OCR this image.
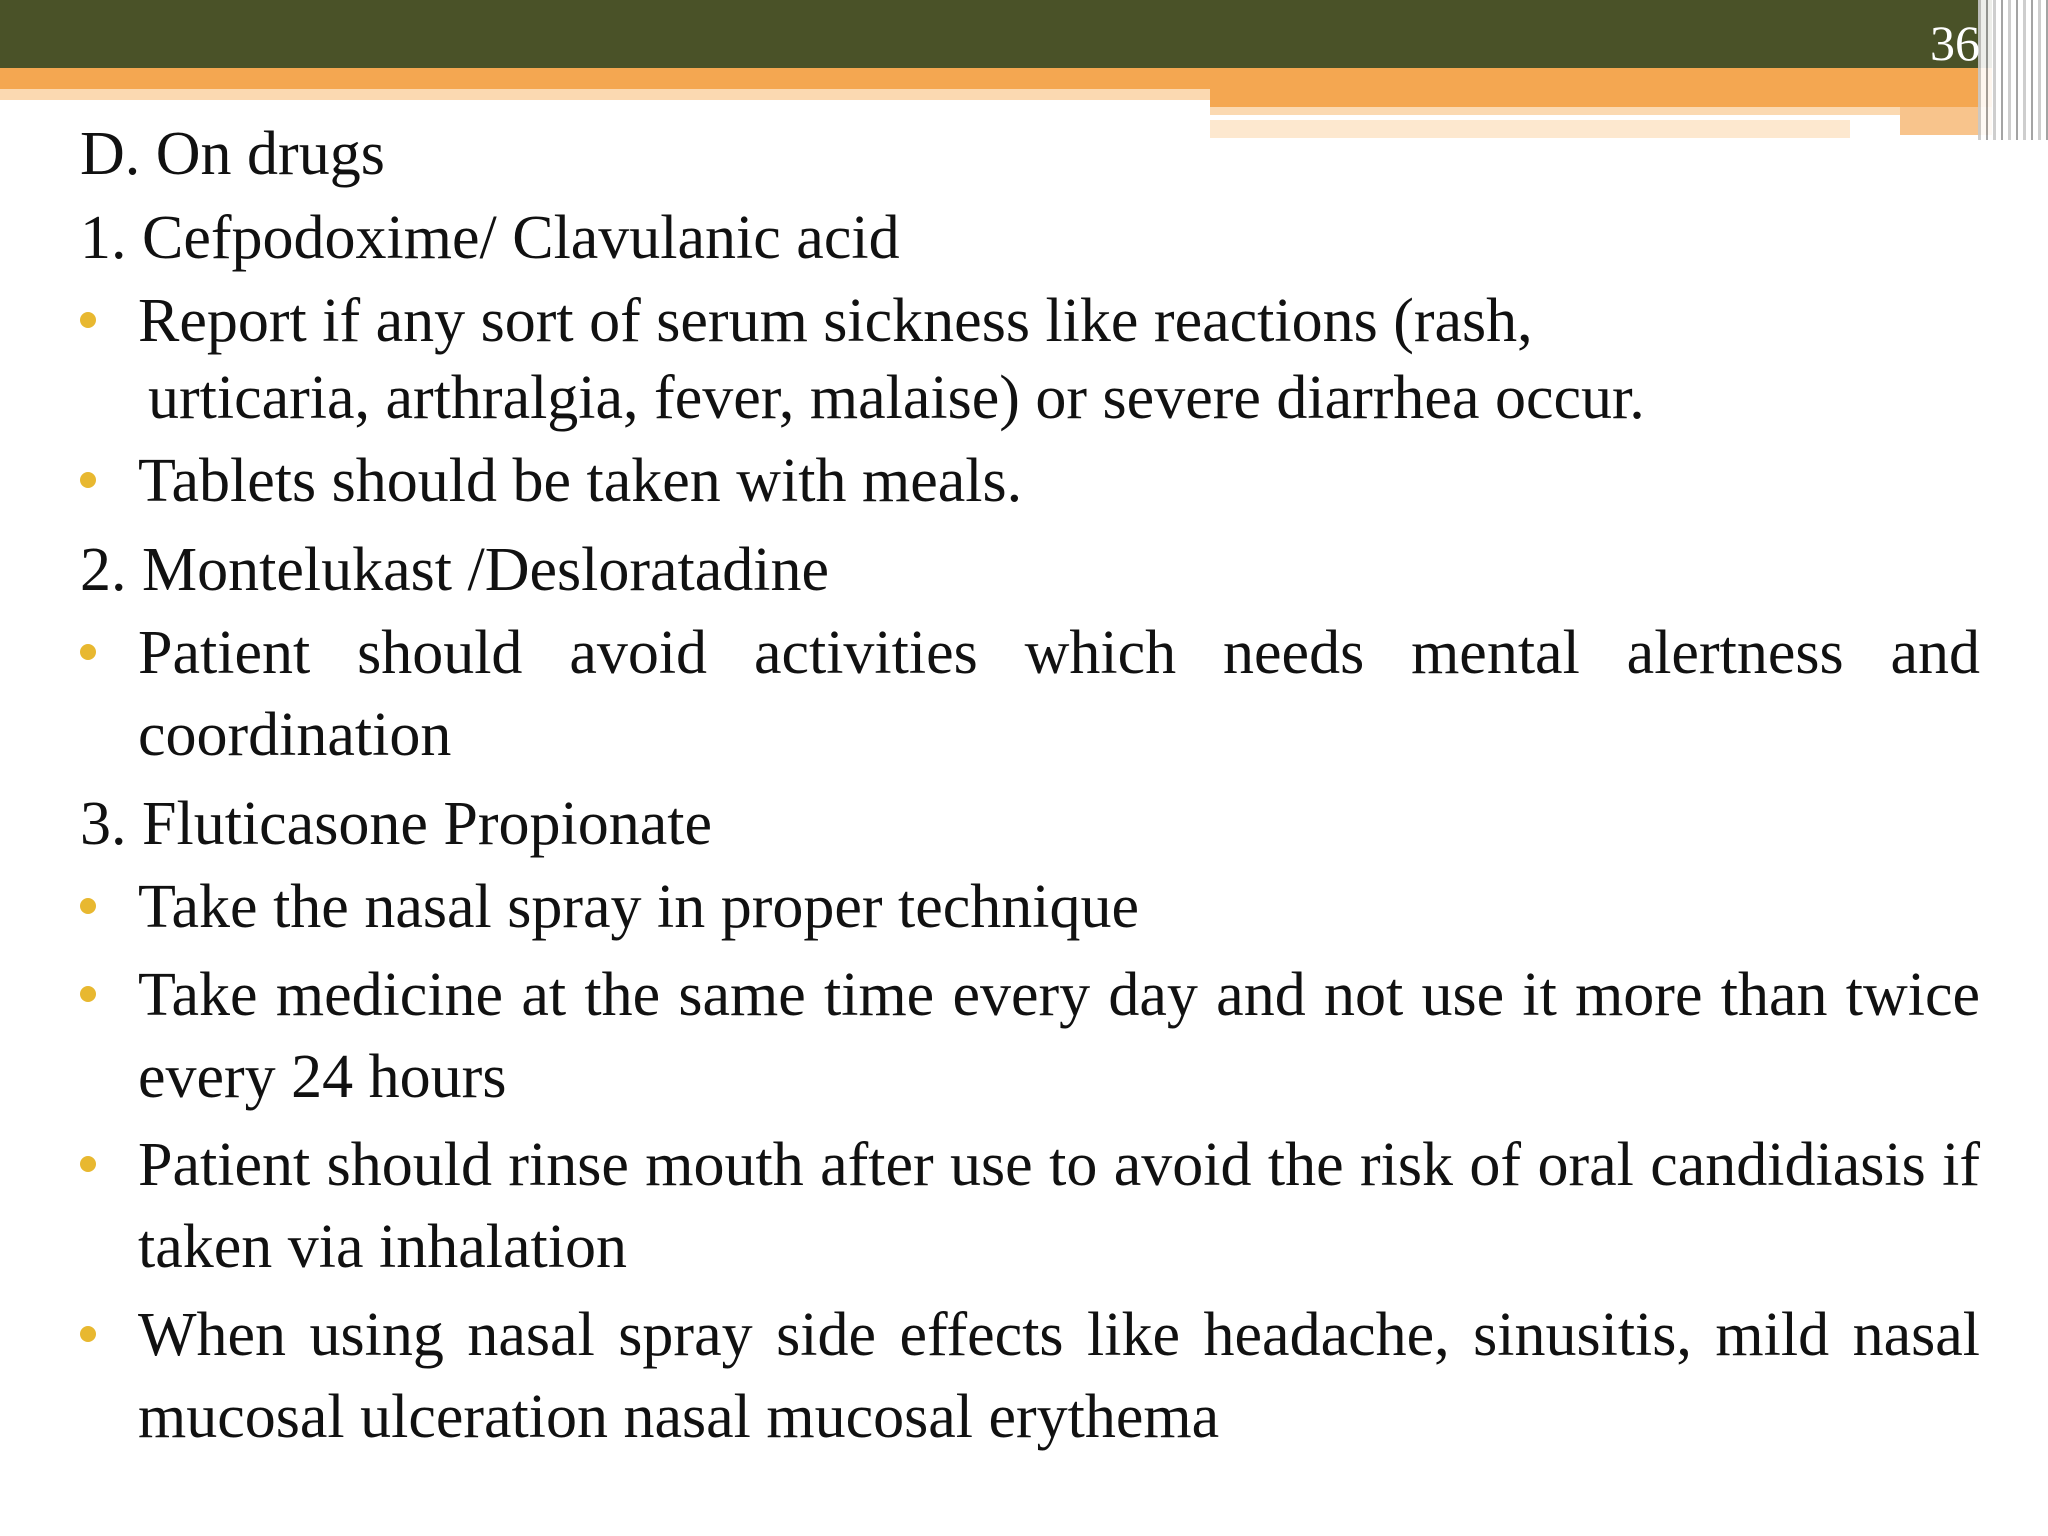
36

D. On drugs

1. Cefpodoxime/ Clavulanic acid

Report if any sort of serum sickness like reactions (rash,

urticaria, arthralgia, fever, malaise) or severe diarrhea occur.

Tablets should be taken with meals.

2. Montelukast /Desloratadine

Patient should avoid activities which needs mental alertness and coordination

3. Fluticasone Propionate

Take the nasal spray in proper technique
Take medicine at the same time every day and not use it more than twice every 24 hours
Patient should rinse mouth after use to avoid the risk of oral candidiasis if taken via inhalation
When using nasal spray side effects like headache, sinusitis, mild nasal mucosal ulceration nasal mucosal erythema
